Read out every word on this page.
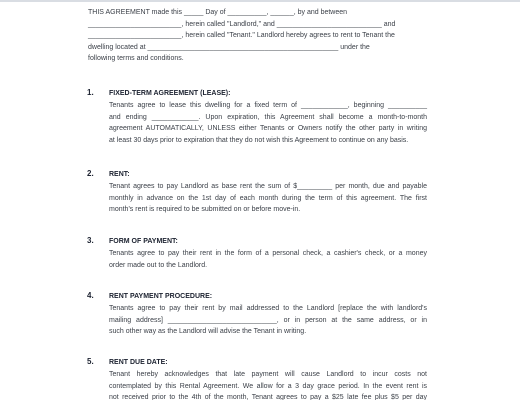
THIS AGREEMENT made this _____ Day of __________, ______, by and between
________________________, herein called "Landlord," and ___________________________ and
________________________, herein called "Tenant." Landlord hereby agrees to rent to Tenant the
dwelling located at _________________________________________________ under the
following terms and conditions.
1. FIXED-TERM AGREEMENT (LEASE):
Tenants agree to lease this dwelling for a fixed term of ____________, beginning __________
and ending ____________. Upon expiration, this Agreement shall become a month-to-month
agreement AUTOMATICALLY, UNLESS either Tenants or Owners notify the other party in writing
at least 30 days prior to expiration that they do not wish this Agreement to continue on any basis.
2. RENT:
Tenant agrees to pay Landlord as base rent the sum of $_________ per month, due and payable
monthly in advance on the 1st day of each month during the term of this agreement. The first
month's rent is required to be submitted on or before move-in.
3. FORM OF PAYMENT:
Tenants agree to pay their rent in the form of a personal check, a cashier's check, or a money
order made out to the Landlord.
4. RENT PAYMENT PROCEDURE:
Tenants agree to pay their rent by mail addressed to the Landlord [replace the with landlord's
mailing address] ____________________________, or in person at the same address, or in
such other way as the Landlord will advise the Tenant in writing.
5. RENT DUE DATE:
Tenant hereby acknowledges that late payment will cause Landlord to incur costs not
contemplated by this Rental Agreement. We allow for a 3 day grace period. In the event rent is
not received prior to the 4th of the month, Tenant agrees to pay a $25 late fee plus $5 per day
